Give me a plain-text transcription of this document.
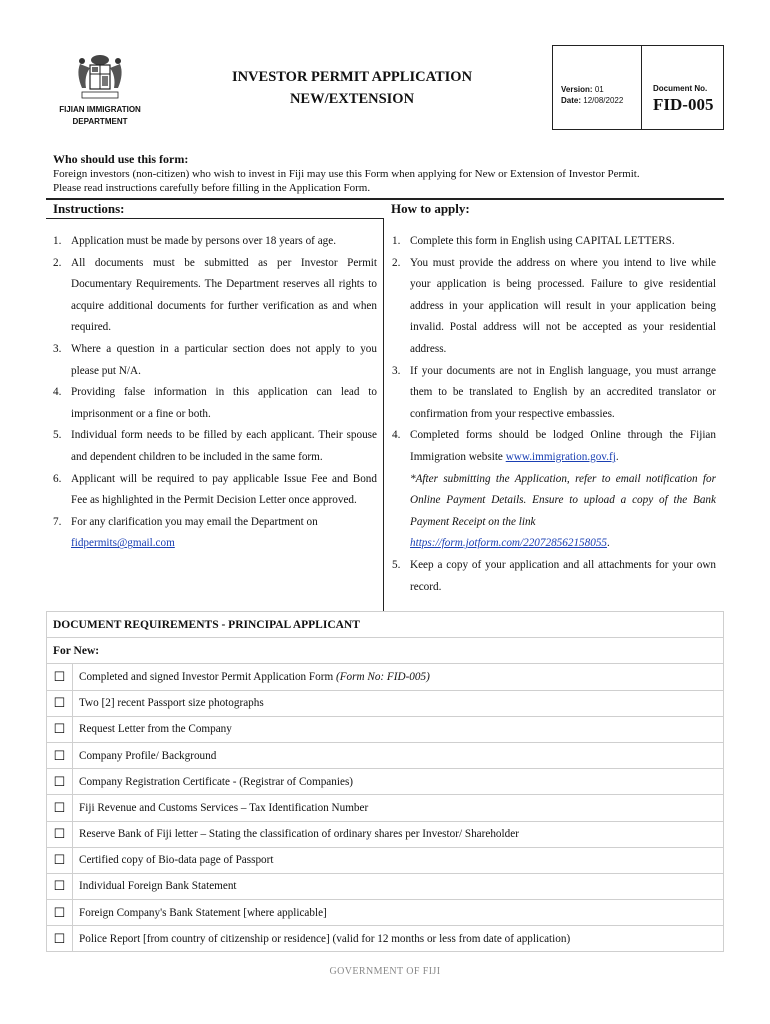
FIJIAN IMMIGRATION DEPARTMENT
INVESTOR PERMIT APPLICATION
NEW/EXTENSION
Version: 01
Date: 12/08/2022
Document No.
FID-005
Who should use this form:

Foreign investors (non-citizen) who wish to invest in Fiji may use this Form when applying for New or Extension of Investor Permit.

Please read instructions carefully before filling in the Application Form.

Instructions:	How to apply:
1. Application must be made by persons over 18 years of age.
2. All documents must be submitted as per Investor Permit Documentary Requirements. The Department reserves all rights to acquire additional documents for further verification as and when required.
3. Where a question in a particular section does not apply to you please put N/A.
4. Providing false information in this application can lead to imprisonment or a fine or both.
5. Individual form needs to be filled by each applicant. Their spouse and dependent children to be included in the same form.
6. Applicant will be required to pay applicable Issue Fee and Bond Fee as highlighted in the Permit Decision Letter once approved.
7. For any clarification you may email the Department on
fidpermits@gmail.com
1. Complete this form in English using CAPITAL LETTERS.
2. You must provide the address on where you intend to live while your application is being processed. Failure to give residential address in your application will result in your application being invalid. Postal address will not be accepted as your residential address.
3. If your documents are not in English language, you must arrange them to be translated to English by an accredited translator or confirmation from your respective embassies.
4. Completed forms should be lodged Online through the Fijian Immigration website www.immigration.gov.fj.
*After submitting the Application, refer to email notification for Online Payment Details. Ensure to upload a copy of the Bank Payment Receipt on the link
https://form.jotform.com/220728562158055.
5. Keep a copy of your application and all attachments for your own record.
DOCUMENT REQUIREMENTS - PRINCIPAL APPLICANT	
For New:	
☐	Completed and signed Investor Permit Application Form (Form No: FID-005)
☐	Two [2] recent Passport size photographs
☐	Request Letter from the Company
☐	Company Profile/ Background
☐	Company Registration Certificate - (Registrar of Companies)
☐	Fiji Revenue and Customs Services – Tax Identification Number
☐	Reserve Bank of Fiji letter – Stating the classification of ordinary shares per Investor/ Shareholder
☐	Certified copy of Bio-data page of Passport
☐	Individual Foreign Bank Statement
☐	Foreign Company's Bank Statement [where applicable]
☐	Police Report [from country of citizenship or residence] (valid for 12 months or less from date of application)
GOVERNMENT OF FIJI
